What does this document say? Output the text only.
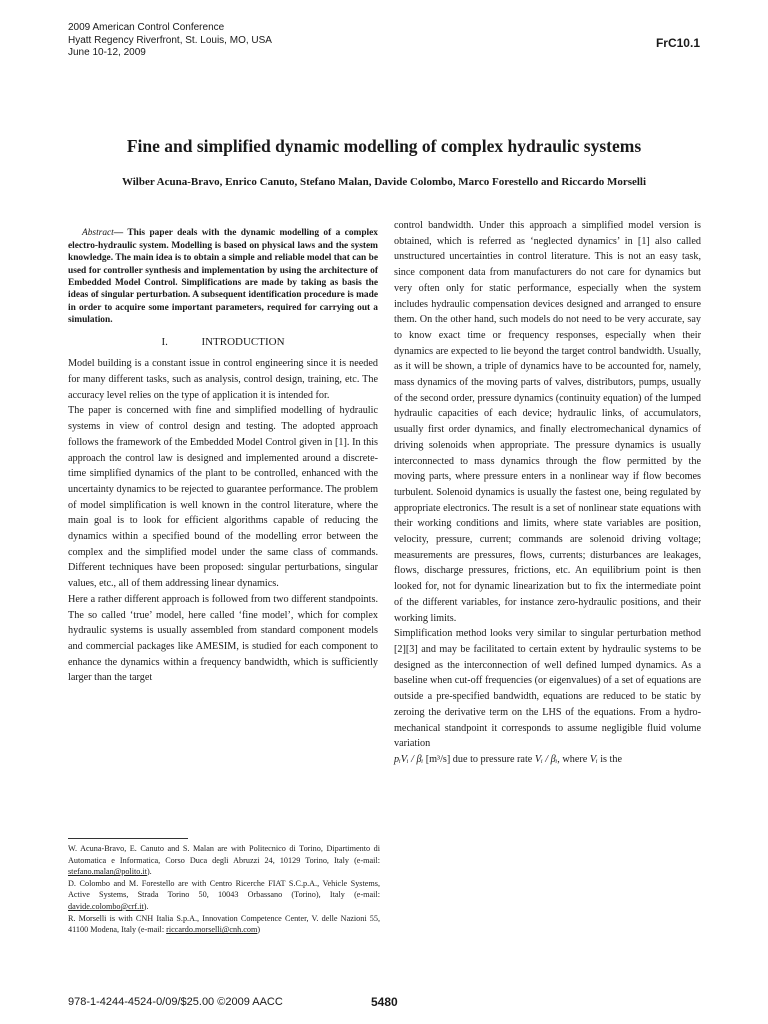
2009 American Control Conference
Hyatt Regency Riverfront, St. Louis, MO, USA
June 10-12, 2009
FrC10.1
Fine and simplified dynamic modelling of complex hydraulic systems
Wilber Acuna-Bravo, Enrico Canuto, Stefano Malan, Davide Colombo, Marco Forestello and Riccardo Morselli

Abstract— This paper deals with the dynamic modelling of a complex electro-hydraulic system. Modelling is based on physical laws and the system knowledge. The main idea is to obtain a simple and reliable model that can be used for controller synthesis and implementation by using the architecture of Embedded Model Control. Simplifications are made by taking as basis the ideas of singular perturbation. A subsequent identification procedure is made in order to acquire some important parameters, required for carrying out a simulation.

I.	INTRODUCTION

Model building is a constant issue in control engineering since it is needed for many different tasks, such as analysis, control design, training, etc. The accuracy level relies on the type of application it is intended for.

The paper is concerned with fine and simplified modelling of hydraulic systems in view of control design and testing. The adopted approach follows the framework of the Embedded Model Control given in [1]. In this approach the control law is designed and implemented around a discrete-time simplified dynamics of the plant to be controlled, enhanced with the uncertainty dynamics to be rejected to guarantee performance. The problem of model simplification is well known in the control literature, where the main goal is to look for efficient algorithms capable of reducing the dynamics within a specified bound of the modelling error between the complex and the simplified model under the same class of commands. Different techniques have been proposed: singular perturbations, singular values, etc., all of them addressing linear dynamics.

Here a rather different approach is followed from two different standpoints. The so called ‘true’ model, here called ‘fine model’, which for complex hydraulic systems is usually assembled from standard component models and commercial packages like AMESIM, is studied for each component to enhance the dynamics within a frequency bandwidth, which is sufficiently larger than the target

control bandwidth. Under this approach a simplified model version is obtained, which is referred as ‘neglected dynamics’ in [1] also called unstructured uncertainties in control literature. This is not an easy task, since component data from manufacturers do not care for dynamics but very often only for static performance, especially when the system includes hydraulic compensation devices designed and arranged to ensure them. On the other hand, such models do not need to be very accurate, say to know exact time or frequency responses, especially when their dynamics are expected to lie beyond the target control bandwidth. Usually, as it will be shown, a triple of dynamics have to be accounted for, namely, mass dynamics of the moving parts of valves, distributors, pumps, usually of the second order, pressure dynamics (continuity equation) of the lumped hydraulic capacities of each device; hydraulic links, of accumulators, usually first order dynamics, and finally electromechanical dynamics of driving solenoids when appropriate. The pressure dynamics is usually interconnected to mass dynamics through the flow permitted by the moving parts, where pressure enters in a nonlinear way if flow becomes turbulent. Solenoid dynamics is usually the fastest one, being regulated by appropriate electronics. The result is a set of nonlinear state equations with their working conditions and limits, where state variables are position, velocity, pressure, current; commands are solenoid driving voltage; measurements are pressures, flows, currents; disturbances are leakages, flows, discharge pressures, frictions, etc. An equilibrium point is then looked for, not for dynamic linearization but to fix the intermediate point of the different variables, for instance zero-hydraulic positions, and their working limits.

Simplification method looks very similar to singular perturbation method [2][3] and may be facilitated to certain extent by hydraulic systems to be designed as the interconnection of well defined lumped dynamics. As a baseline when cut-off frequencies (or eigenvalues) of a set of equations are outside a pre-specified bandwidth, equations are reduced to be static by zeroing the derivative term on the LHS of the equations. From a hydro-mechanical standpoint it corresponds to assume negligible fluid volume variation

pᵢVᵢ / βᵢ [m³/s] due to pressure rate Vᵢ / βᵢ, where Vᵢ is the

W. Acuna-Bravo, E. Canuto and S. Malan are with Politecnico di Torino, Dipartimento di Automatica e Informatica, Corso Duca degli Abruzzi 24, 10129 Torino, Italy (e-mail: stefano.malan@polito.it).

D. Colombo and M. Forestello are with Centro Ricerche FIAT S.C.p.A., Vehicle Systems, Active Systems, Strada Torino 50, 10043 Orbassano (Torino), Italy (e-mail: davide.colombo@crf.it).

R. Morselli is with CNH Italia S.p.A., Innovation Competence Center, V. delle Nazioni 55, 41100 Modena, Italy (e-mail: riccardo.morselli@cnh.com)

978-1-4244-4524-0/09/$25.00 ©2009 AACC	5480
